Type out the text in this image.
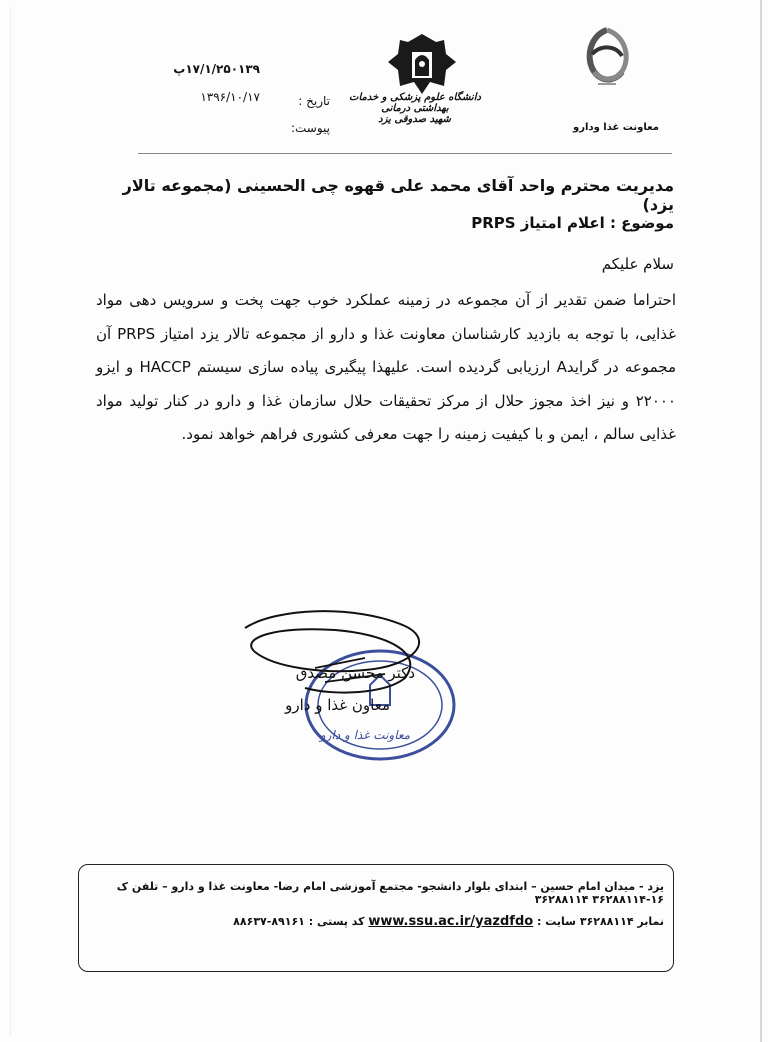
معاونت غذا ودارو
دانشگاه علوم پزشکی و خدمات بهداشتی درمانی
شهید صدوقی یزد
تاریخ :
پیوست:
۱۷/۱/۲۵۰۱۳۹پ
۱۳۹۶/۱۰/۱۷
مدیریت محترم واحد آقای محمد علی قهوه چی الحسینی (مجموعه تالار یزد)
موضوع : اعلام امتیاز PRPS
سلام علیکم
احتراما ضمن تقدیر از آن مجموعه در زمینه عملکرد خوب جهت پخت و سرویس دهی مواد غذایی، با توجه به بازدید کارشناسان معاونت غذا و دارو از مجموعه تالار یزد امتیاز PRPS آن مجموعه در گرایدA ارزیابی گردیده است. علیهذا پیگیری پیاده سازی سیستم HACCP و ایزو ۲۲۰۰۰ و نیز اخذ مجوز حلال از مرکز تحقیقات حلال سازمان غذا و دارو در کنار تولید مواد غذایی سالم ، ایمن و با کیفیت زمینه را جهت معرفی کشوری فراهم خواهد نمود.
دکتر محسن مصدق
معاون غذا و دارو
معاونت غذا و دارو
یزد - میدان امام حسین – ابتدای بلوار دانشجو- مجتمع آموزشی امام رضا- معاونت غذا و دارو – تلفن ک ۱۶-۳۶۲۸۸۱۱۴ ۳۶۲۸۸۱۱۴
نمابر ۳۶۲۸۸۱۱۴ سایت : www.ssu.ac.ir/yazdfdo کد پستی : ۸۹۱۶۱-۸۸۶۳۷
